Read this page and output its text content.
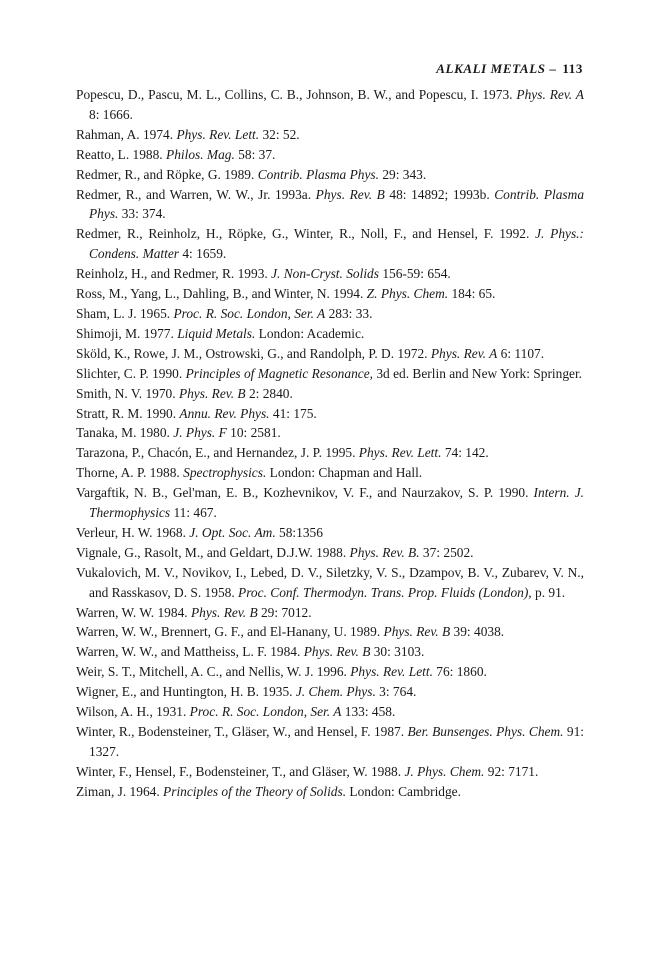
ALKALI METALS – 113
Popescu, D., Pascu, M. L., Collins, C. B., Johnson, B. W., and Popescu, I. 1973. Phys. Rev. A 8: 1666.
Rahman, A. 1974. Phys. Rev. Lett. 32: 52.
Reatto, L. 1988. Philos. Mag. 58: 37.
Redmer, R., and Röpke, G. 1989. Contrib. Plasma Phys. 29: 343.
Redmer, R., and Warren, W. W., Jr. 1993a. Phys. Rev. B 48: 14892; 1993b. Contrib. Plasma Phys. 33: 374.
Redmer, R., Reinholz, H., Röpke, G., Winter, R., Noll, F., and Hensel, F. 1992. J. Phys.: Condens. Matter 4: 1659.
Reinholz, H., and Redmer, R. 1993. J. Non-Cryst. Solids 156-59: 654.
Ross, M., Yang, L., Dahling, B., and Winter, N. 1994. Z. Phys. Chem. 184: 65.
Sham, L. J. 1965. Proc. R. Soc. London, Ser. A 283: 33.
Shimoji, M. 1977. Liquid Metals. London: Academic.
Sköld, K., Rowe, J. M., Ostrowski, G., and Randolph, P. D. 1972. Phys. Rev. A 6: 1107.
Slichter, C. P. 1990. Principles of Magnetic Resonance, 3d ed. Berlin and New York: Springer.
Smith, N. V. 1970. Phys. Rev. B 2: 2840.
Stratt, R. M. 1990. Annu. Rev. Phys. 41: 175.
Tanaka, M. 1980. J. Phys. F 10: 2581.
Tarazona, P., Chacón, E., and Hernandez, J. P. 1995. Phys. Rev. Lett. 74: 142.
Thorne, A. P. 1988. Spectrophysics. London: Chapman and Hall.
Vargaftik, N. B., Gel'man, E. B., Kozhevnikov, V. F., and Naurzakov, S. P. 1990. Intern. J. Thermophysics 11: 467.
Verleur, H. W. 1968. J. Opt. Soc. Am. 58:1356
Vignale, G., Rasolt, M., and Geldart, D.J.W. 1988. Phys. Rev. B. 37: 2502.
Vukalovich, M. V., Novikov, I., Lebed, D. V., Siletzky, V. S., Dzampov, B. V., Zubarev, V. N., and Rasskasov, D. S. 1958. Proc. Conf. Thermodyn. Trans. Prop. Fluids (London), p. 91.
Warren, W. W. 1984. Phys. Rev. B 29: 7012.
Warren, W. W., Brennert, G. F., and El-Hanany, U. 1989. Phys. Rev. B 39: 4038.
Warren, W. W., and Mattheiss, L. F. 1984. Phys. Rev. B 30: 3103.
Weir, S. T., Mitchell, A. C., and Nellis, W. J. 1996. Phys. Rev. Lett. 76: 1860.
Wigner, E., and Huntington, H. B. 1935. J. Chem. Phys. 3: 764.
Wilson, A. H., 1931. Proc. R. Soc. London, Ser. A 133: 458.
Winter, R., Bodensteiner, T., Gläser, W., and Hensel, F. 1987. Ber. Bunsenges. Phys. Chem. 91: 1327.
Winter, F., Hensel, F., Bodensteiner, T., and Gläser, W. 1988. J. Phys. Chem. 92: 7171.
Ziman, J. 1964. Principles of the Theory of Solids. London: Cambridge.
